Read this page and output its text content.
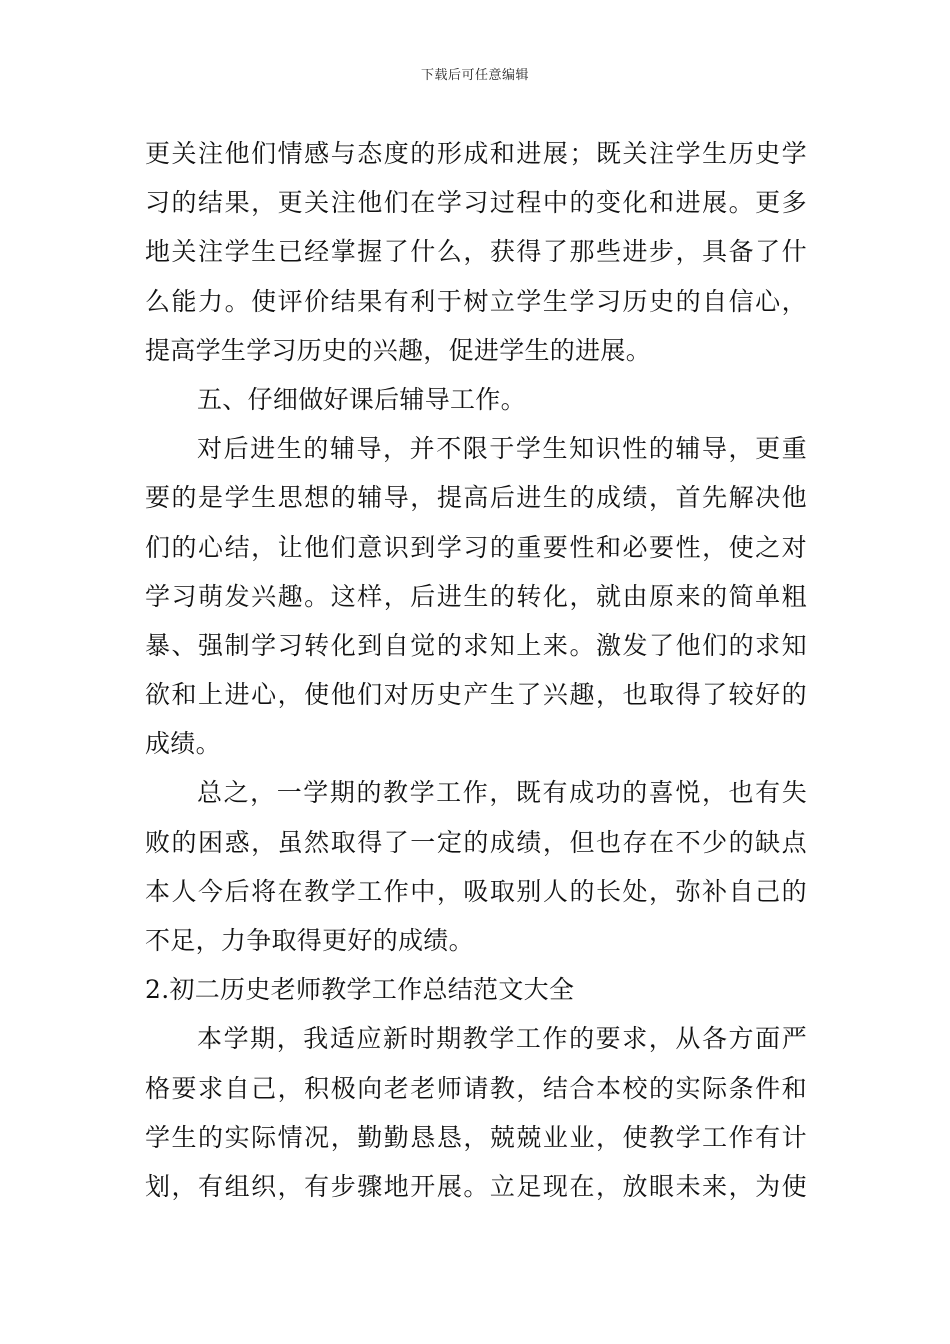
下载后可任意编辑
更关注他们情感与态度的形成和进展；既关注学生历史学
习的结果，更关注他们在学习过程中的变化和进展。更多
地关注学生已经掌握了什么，获得了那些进步，具备了什
么能力。使评价结果有利于树立学生学习历史的自信心，
提高学生学习历史的兴趣，促进学生的进展。
五、仔细做好课后辅导工作。
对后进生的辅导，并不限于学生知识性的辅导，更重
要的是学生思想的辅导，提高后进生的成绩，首先解决他
们的心结，让他们意识到学习的重要性和必要性，使之对
学习萌发兴趣。这样，后进生的转化，就由原来的简单粗
暴、强制学习转化到自觉的求知上来。激发了他们的求知
欲和上进心，使他们对历史产生了兴趣，也取得了较好的
成绩。
总之，一学期的教学工作，既有成功的喜悦，也有失
败的困惑，虽然取得了一定的成绩，但也存在不少的缺点
本人今后将在教学工作中，吸取别人的长处，弥补自己的
不足，力争取得更好的成绩。
2.初二历史老师教学工作总结范文大全
本学期，我适应新时期教学工作的要求，从各方面严
格要求自己，积极向老老师请教，结合本校的实际条件和
学生的实际情况，勤勤恳恳，兢兢业业，使教学工作有计
划，有组织，有步骤地开展。立足现在，放眼未来，为使
